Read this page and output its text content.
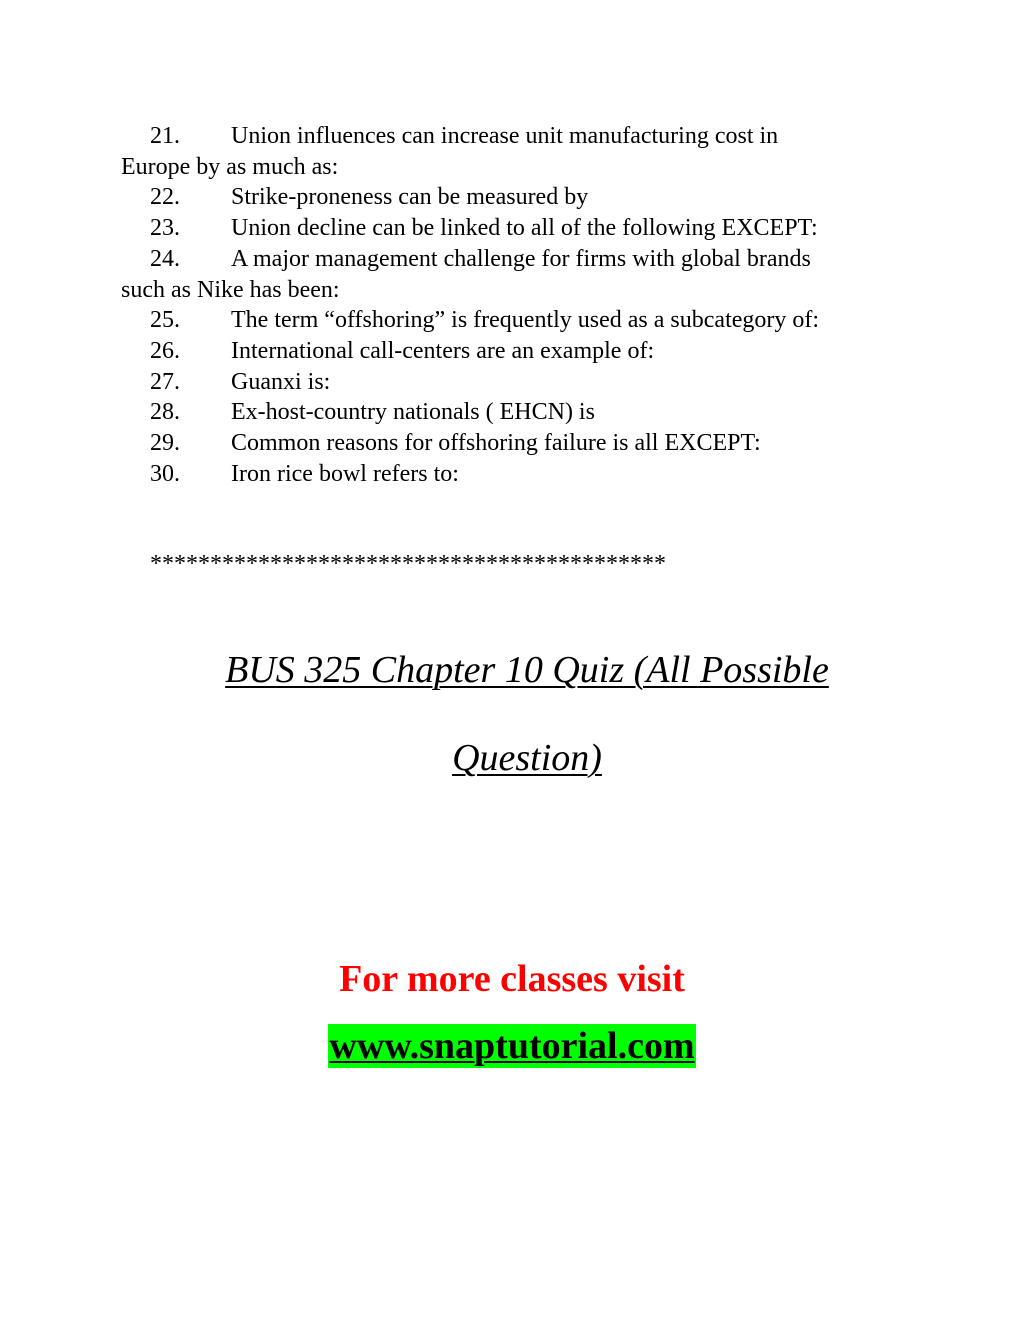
21. Union influences can increase unit manufacturing cost in

Europe by as much as:

22. Strike-proneness can be measured by

23. Union decline can be linked to all of the following EXCEPT:

24. A major management challenge for firms with global brands

such as Nike has been:

25. The term “offshoring” is frequently used as a subcategory of:

26. International call-centers are an example of:

27. Guanxi is:

28. Ex-host-country nationals ( EHCN) is

29. Common reasons for offshoring failure is all EXCEPT:

30. Iron rice bowl refers to:

*******************************************
BUS 325 Chapter 10 Quiz (All Possible
Question)
For more classes visit
www.snaptutorial.com
